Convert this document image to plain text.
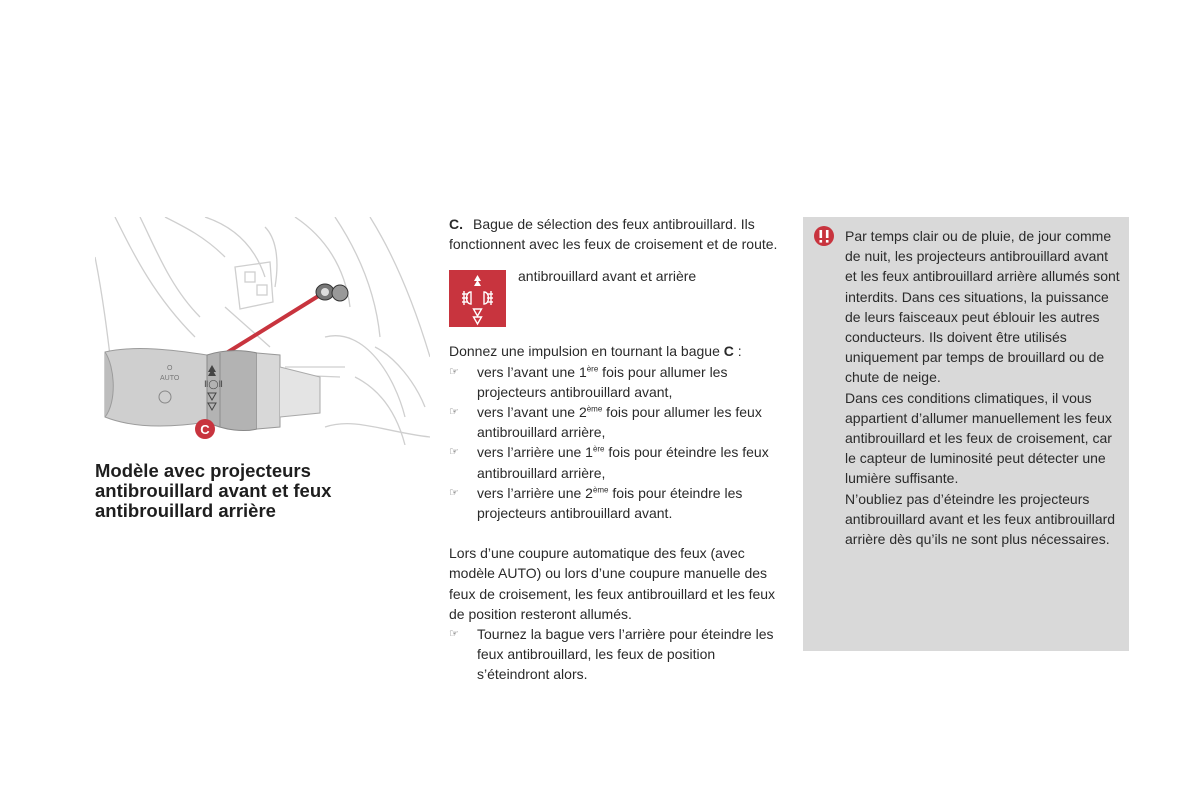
O
AUTO
Ⅱ◯Ⅱ
C
Modèle avec projecteurs antibrouillard avant et feux antibrouillard arrière

C. Bague de sélection des feux antibrouillard. Ils fonctionnent avec les feux de croisement et de route.

antibrouillard avant et arrière

Donnez une impulsion en tournant la bague C :

☞ vers l’avant une 1ère fois pour allumer les projecteurs antibrouillard avant,
☞ vers l’avant une 2ème fois pour allumer les feux antibrouillard arrière,
☞ vers l’arrière une 1ère fois pour éteindre les feux antibrouillard arrière,
☞ vers l’arrière une 2ème fois pour éteindre les projecteurs antibrouillard avant.

Lors d’une coupure automatique des feux (avec modèle AUTO) ou lors d’une coupure manuelle des feux de croisement, les feux antibrouillard et les feux de position resteront allumés.

☞ Tournez la bague vers l’arrière pour éteindre les feux antibrouillard, les feux de position s’éteindront alors.
Par temps clair ou de pluie, de jour comme de nuit, les projecteurs antibrouillard avant et les feux antibrouillard arrière allumés sont interdits. Dans ces situations, la puissance de leurs faisceaux peut éblouir les autres conducteurs. Ils doivent être utilisés uniquement par temps de brouillard ou de chute de neige.
Dans ces conditions climatiques, il vous appartient d’allumer manuellement les feux antibrouillard et les feux de croisement, car le capteur de luminosité peut détecter une lumière suffisante.
N’oubliez pas d’éteindre les projecteurs antibrouillard avant et les feux antibrouillard arrière dès qu’ils ne sont plus nécessaires.
